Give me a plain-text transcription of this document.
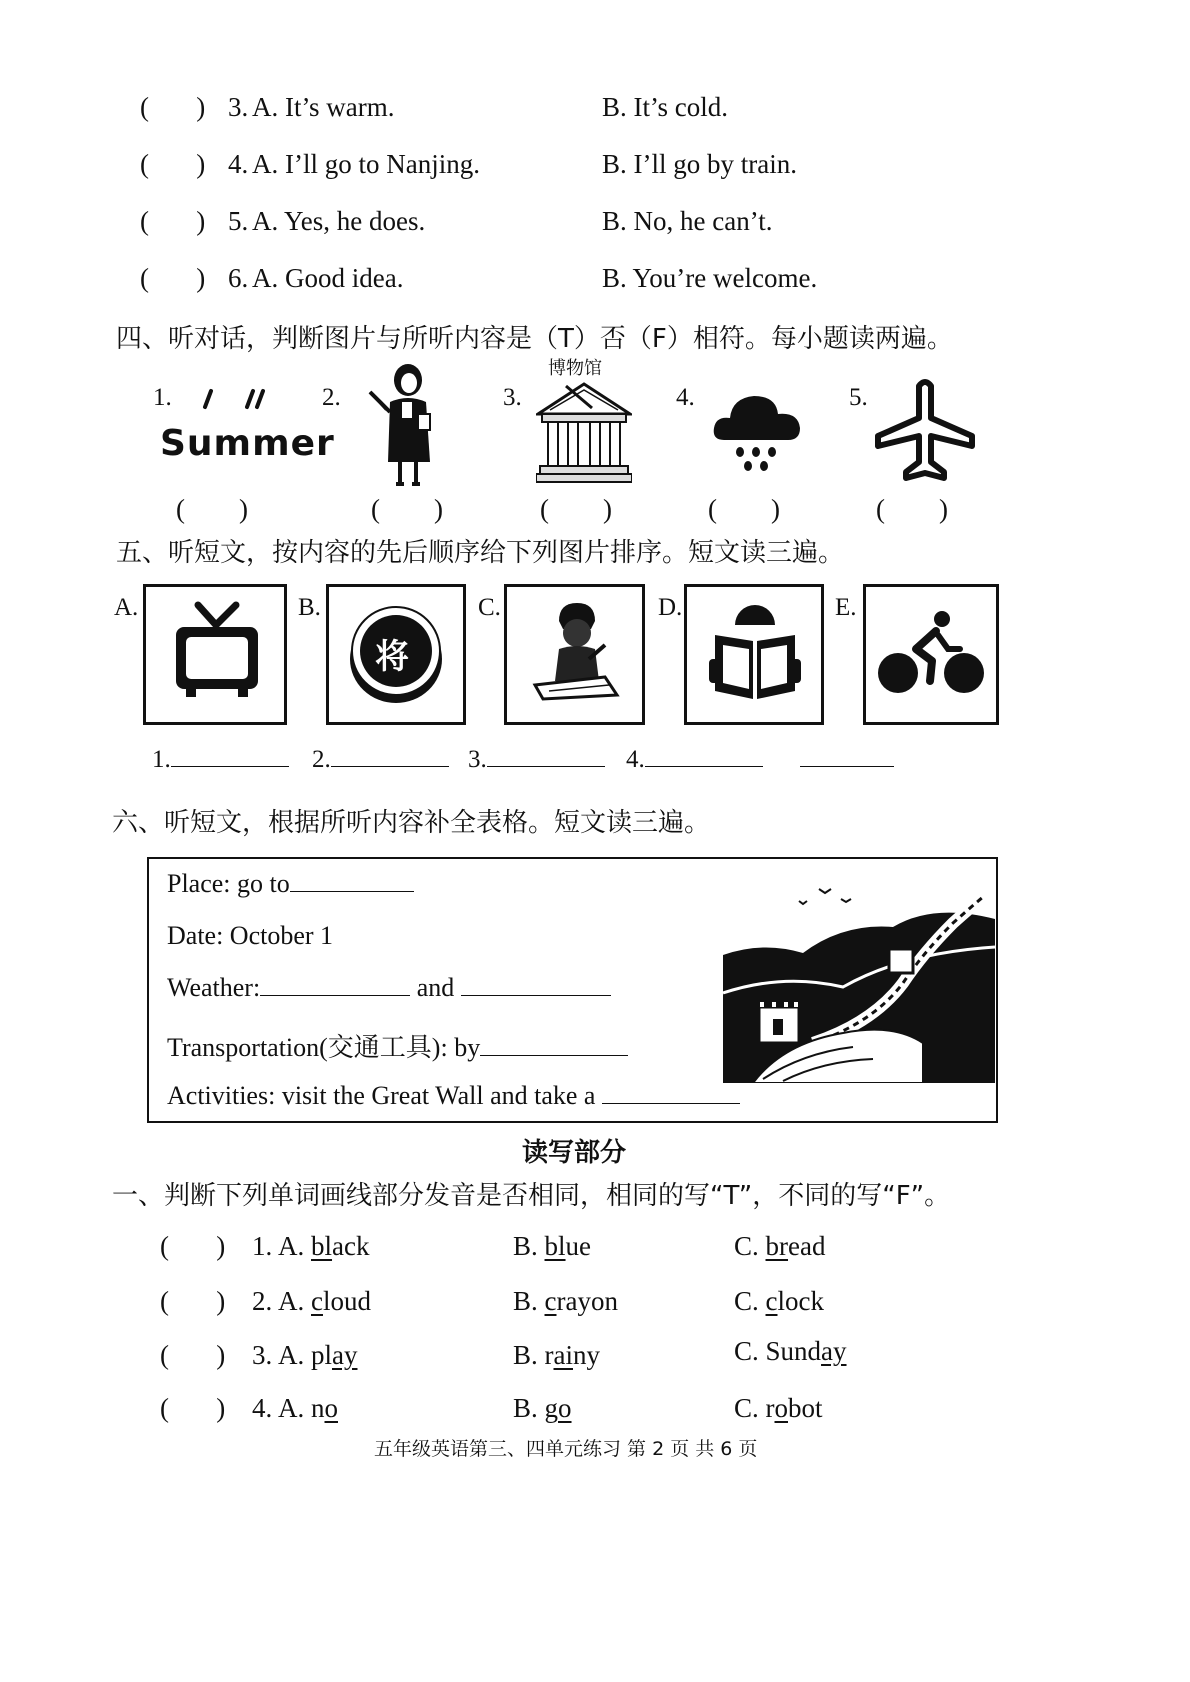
(       ) 3. A. It’s warm.	B. It’s cold.
(       ) 4. A. I’ll go to Nanjing.	B. I’ll go by train.
(       ) 5. A. Yes, he does.	B. No, he can’t.
(       ) 6. A. Good idea.	B. You’re welcome.
四、听对话，判断图片与所听内容是（T）否（F）相符。每小题读两遍。
1.	2.	3.	4.	5.
Summer
博物馆
(        )	(        )	(        )	(        )	(        )
五、听短文，按内容的先后顺序给下列图片排序。短文读三遍。
A.	B.	C.	D.	E.
将
1.	2.	3.	4.
六、听短文，根据所听内容补全表格。短文读三遍。
Place: go to
Date: October 1
Weather:	and
Transportation(交通工具): by
Activities: visit the Great Wall and take a
读写部分
一、判断下列单词画线部分发音是否相同，相同的写“T”，不同的写“F”。
(       ) 1. A. black	B. blue	C. bread
(       ) 2. A. cloud	B. crayon	C. clock
(       ) 3. A. play	B. rainy	C. Sunday
(       ) 4. A. no	B. go	C. robot
五年级英语第三、四单元练习 第 2 页 共 6 页
